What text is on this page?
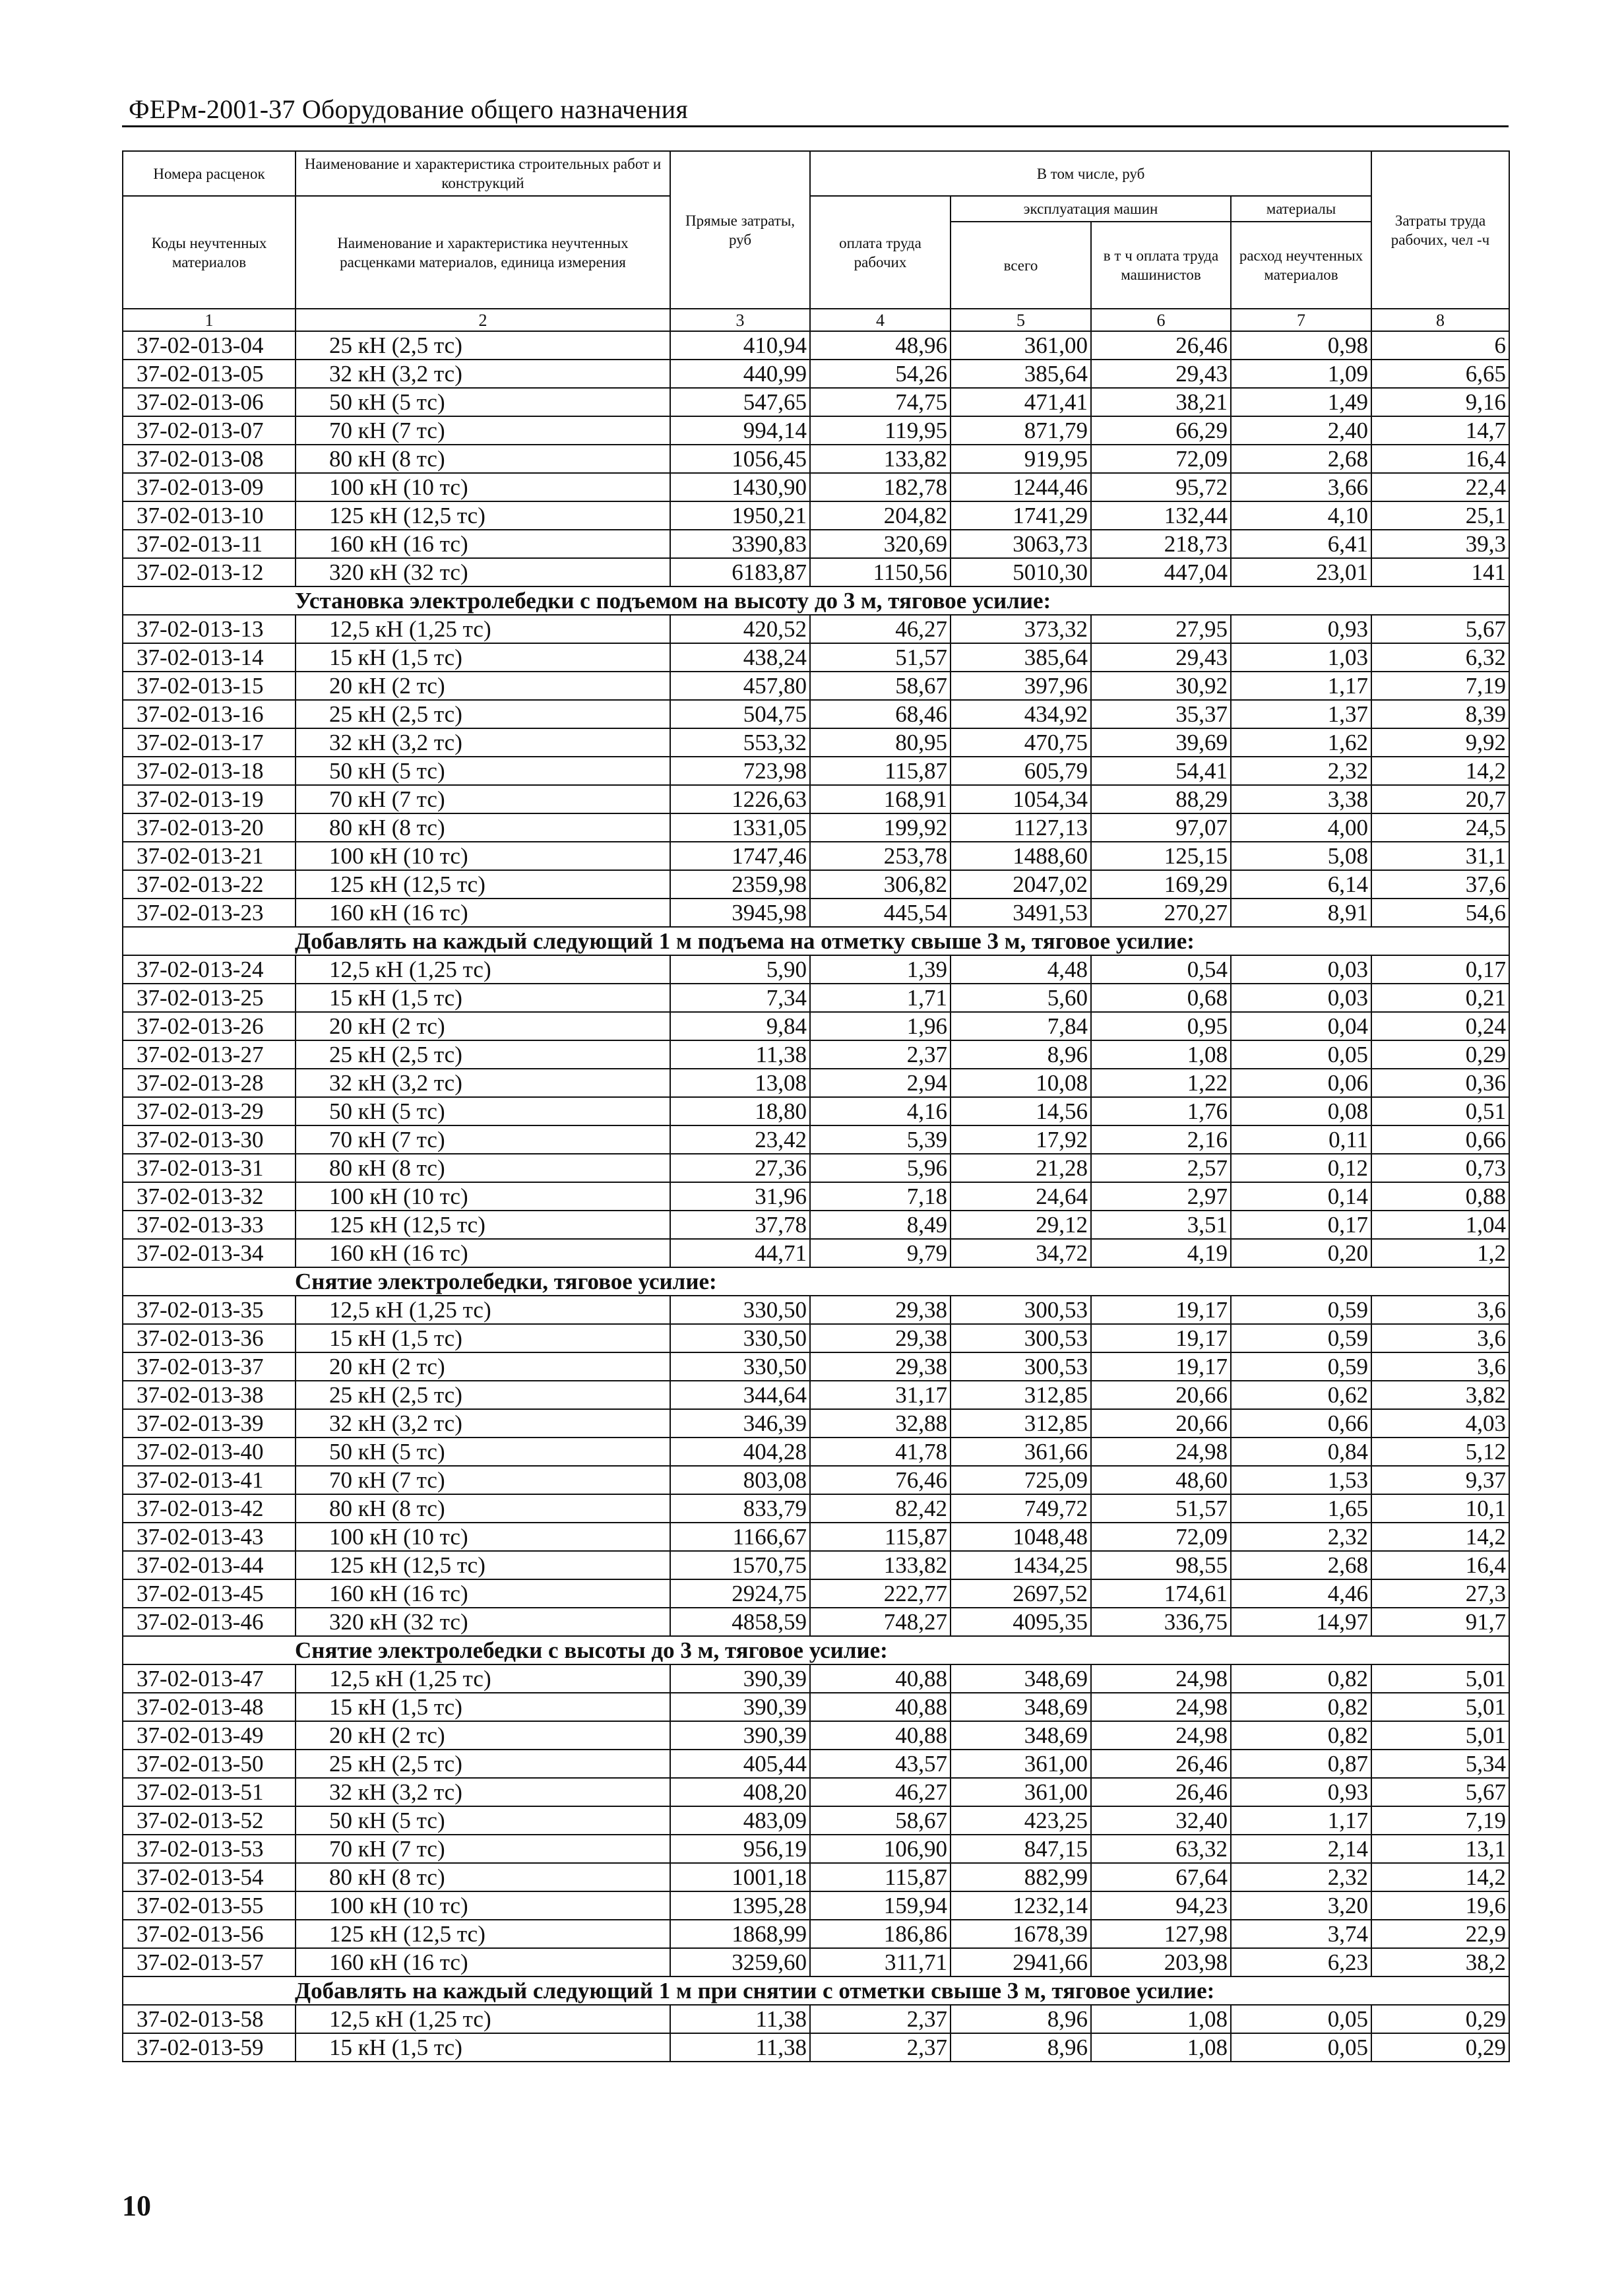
ФЕРм-2001-37 Оборудование общего назначения
Номера расценок	Наименование и характеристика строительных работ и конструкций	Прямые затраты, руб	В том числе, руб				Затраты труда рабочих, чел -ч
Коды неучтенных материалов	Наименование и характеристика неучтенных расценками материалов, единица измерения		оплата труда рабочих	эксплуатация машин		материалы	
				всего	в т ч оплата труда машинистов	расход неучтенных материалов	

1	2	3	4	5	6	7	8
37-02-013-04	25 кН (2,5 тс)	410,94	48,96	361,00	26,46	0,98	6
37-02-013-05	32 кН (3,2 тс)	440,99	54,26	385,64	29,43	1,09	6,65
37-02-013-06	50 кН (5 тс)	547,65	74,75	471,41	38,21	1,49	9,16
37-02-013-07	70 кН (7 тс)	994,14	119,95	871,79	66,29	2,40	14,7
37-02-013-08	80 кН (8 тс)	1056,45	133,82	919,95	72,09	2,68	16,4
37-02-013-09	100 кН (10 тс)	1430,90	182,78	1244,46	95,72	3,66	22,4
37-02-013-10	125 кН (12,5 тс)	1950,21	204,82	1741,29	132,44	4,10	25,1
37-02-013-11	160 кН (16 тс)	3390,83	320,69	3063,73	218,73	6,41	39,3
37-02-013-12	320 кН (32 тс)	6183,87	1150,56	5010,30	447,04	23,01	141
Установка электролебедки с подъемом на высоту до 3 м, тяговое усилие:							
37-02-013-13	12,5 кН (1,25 тс)	420,52	46,27	373,32	27,95	0,93	5,67
37-02-013-14	15 кН (1,5 тс)	438,24	51,57	385,64	29,43	1,03	6,32
37-02-013-15	20 кН (2 тс)	457,80	58,67	397,96	30,92	1,17	7,19
37-02-013-16	25 кН (2,5 тс)	504,75	68,46	434,92	35,37	1,37	8,39
37-02-013-17	32 кН (3,2 тс)	553,32	80,95	470,75	39,69	1,62	9,92
37-02-013-18	50 кН (5 тс)	723,98	115,87	605,79	54,41	2,32	14,2
37-02-013-19	70 кН (7 тс)	1226,63	168,91	1054,34	88,29	3,38	20,7
37-02-013-20	80 кН (8 тс)	1331,05	199,92	1127,13	97,07	4,00	24,5
37-02-013-21	100 кН (10 тс)	1747,46	253,78	1488,60	125,15	5,08	31,1
37-02-013-22	125 кН (12,5 тс)	2359,98	306,82	2047,02	169,29	6,14	37,6
37-02-013-23	160 кН (16 тс)	3945,98	445,54	3491,53	270,27	8,91	54,6
Добавлять на каждый следующий 1 м подъема на отметку свыше 3 м, тяговое усилие:							
37-02-013-24	12,5 кН (1,25 тс)	5,90	1,39	4,48	0,54	0,03	0,17
37-02-013-25	15 кН (1,5 тс)	7,34	1,71	5,60	0,68	0,03	0,21
37-02-013-26	20 кН (2 тс)	9,84	1,96	7,84	0,95	0,04	0,24
37-02-013-27	25 кН (2,5 тс)	11,38	2,37	8,96	1,08	0,05	0,29
37-02-013-28	32 кН (3,2 тс)	13,08	2,94	10,08	1,22	0,06	0,36
37-02-013-29	50 кН (5 тс)	18,80	4,16	14,56	1,76	0,08	0,51
37-02-013-30	70 кН (7 тс)	23,42	5,39	17,92	2,16	0,11	0,66
37-02-013-31	80 кН (8 тс)	27,36	5,96	21,28	2,57	0,12	0,73
37-02-013-32	100 кН (10 тс)	31,96	7,18	24,64	2,97	0,14	0,88
37-02-013-33	125 кН (12,5 тс)	37,78	8,49	29,12	3,51	0,17	1,04
37-02-013-34	160 кН (16 тс)	44,71	9,79	34,72	4,19	0,20	1,2
Снятие электролебедки, тяговое усилие:							
37-02-013-35	12,5 кН (1,25 тс)	330,50	29,38	300,53	19,17	0,59	3,6
37-02-013-36	15 кН (1,5 тс)	330,50	29,38	300,53	19,17	0,59	3,6
37-02-013-37	20 кН (2 тс)	330,50	29,38	300,53	19,17	0,59	3,6
37-02-013-38	25 кН (2,5 тс)	344,64	31,17	312,85	20,66	0,62	3,82
37-02-013-39	32 кН (3,2 тс)	346,39	32,88	312,85	20,66	0,66	4,03
37-02-013-40	50 кН (5 тс)	404,28	41,78	361,66	24,98	0,84	5,12
37-02-013-41	70 кН (7 тс)	803,08	76,46	725,09	48,60	1,53	9,37
37-02-013-42	80 кН (8 тс)	833,79	82,42	749,72	51,57	1,65	10,1
37-02-013-43	100 кН (10 тс)	1166,67	115,87	1048,48	72,09	2,32	14,2
37-02-013-44	125 кН (12,5 тс)	1570,75	133,82	1434,25	98,55	2,68	16,4
37-02-013-45	160 кН (16 тс)	2924,75	222,77	2697,52	174,61	4,46	27,3
37-02-013-46	320 кН (32 тс)	4858,59	748,27	4095,35	336,75	14,97	91,7
Снятие электролебедки с высоты до 3 м, тяговое усилие:							
37-02-013-47	12,5 кН (1,25 тс)	390,39	40,88	348,69	24,98	0,82	5,01
37-02-013-48	15 кН (1,5 тс)	390,39	40,88	348,69	24,98	0,82	5,01
37-02-013-49	20 кН (2 тс)	390,39	40,88	348,69	24,98	0,82	5,01
37-02-013-50	25 кН (2,5 тс)	405,44	43,57	361,00	26,46	0,87	5,34
37-02-013-51	32 кН (3,2 тс)	408,20	46,27	361,00	26,46	0,93	5,67
37-02-013-52	50 кН (5 тс)	483,09	58,67	423,25	32,40	1,17	7,19
37-02-013-53	70 кН (7 тс)	956,19	106,90	847,15	63,32	2,14	13,1
37-02-013-54	80 кН (8 тс)	1001,18	115,87	882,99	67,64	2,32	14,2
37-02-013-55	100 кН (10 тс)	1395,28	159,94	1232,14	94,23	3,20	19,6
37-02-013-56	125 кН (12,5 тс)	1868,99	186,86	1678,39	127,98	3,74	22,9
37-02-013-57	160 кН (16 тс)	3259,60	311,71	2941,66	203,98	6,23	38,2
Добавлять на каждый следующий 1 м при снятии с отметки свыше 3 м, тяговое усилие:							
37-02-013-58	12,5 кН (1,25 тс)	11,38	2,37	8,96	1,08	0,05	0,29
37-02-013-59	15 кН (1,5 тс)	11,38	2,37	8,96	1,08	0,05	0,29
10
